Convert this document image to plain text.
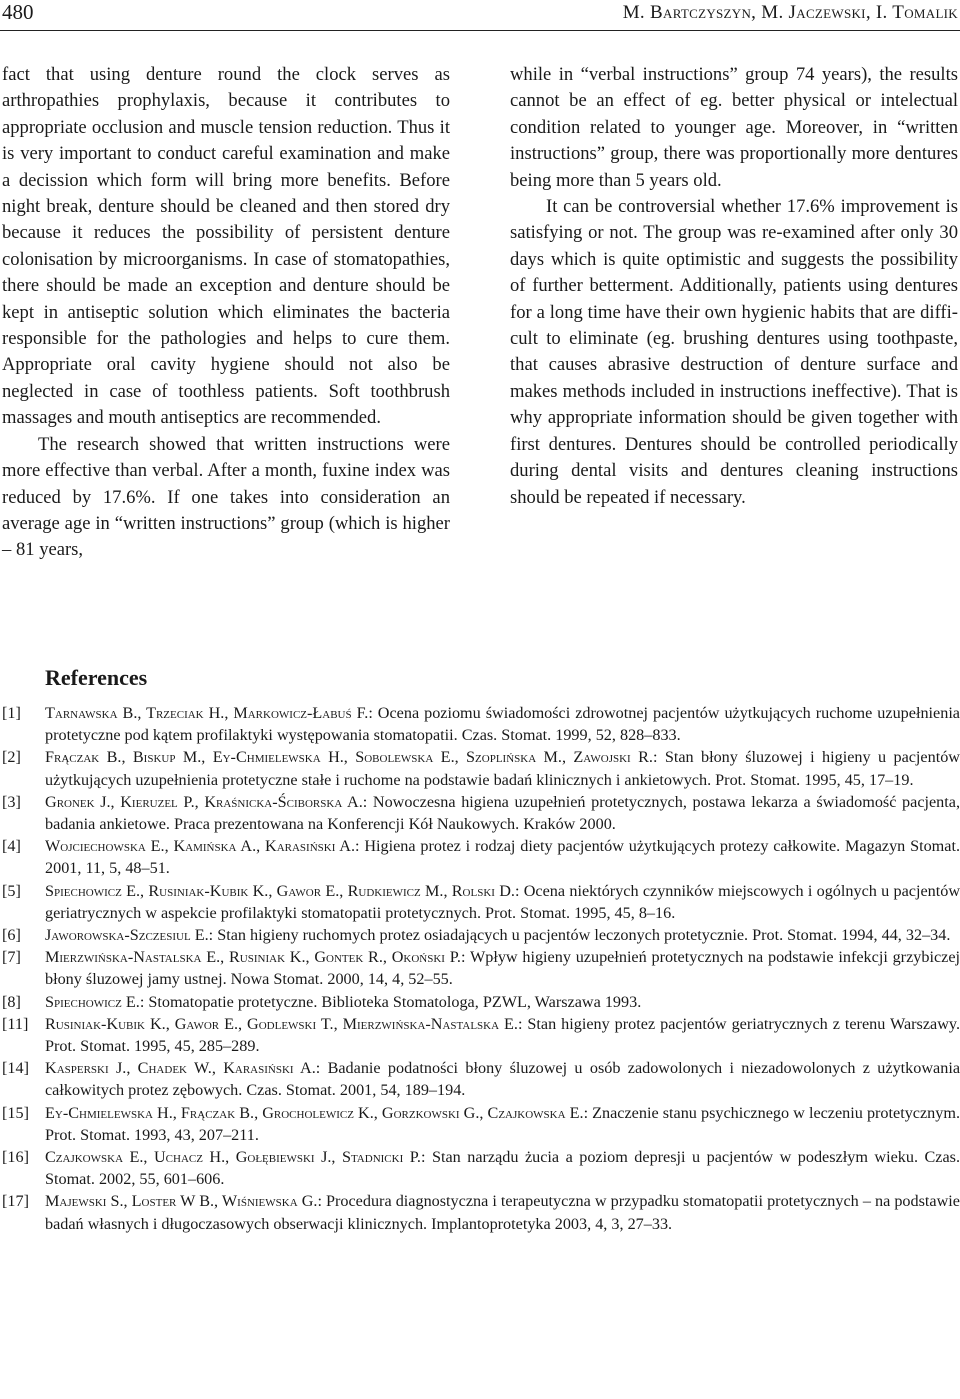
480	M. Bartczyszyn, M. Jaczewski, I. Tomalik

fact that using denture round the clock serves as arthropathies prophylaxis, because it contributes to appropriate occlusion and muscle tension reduction. Thus it is very important to conduct careful examination and make a decission which form will bring more benefits. Before night break, denture should be cleaned and then stored dry because it reduces the possibility of persistent denture colonisation by microorganisms. In case of stomatopathies, there should be made an exception and denture should be kept in antiseptic solution which eliminates the bacteria responsible for the pathologies and helps to cure them. Appropriate oral cavity hygiene should not also be neglected in case of toothless patients. Soft toothbrush massages and mouth antiseptics are recommended.

The research showed that written instructions were more effective than verbal. After a month, fuxine index was reduced by 17.6%. If one takes into consideration an average age in “written instructions” group (which is higher – 81 years,

while in “verbal instructions” group 74 years), the results cannot be an effect of eg. better physical or intelectual condition related to younger age. Moreover, in “written instructions” group, there was proportionally more dentures being more than 5 years old.

It can be controversial whether 17.6% improvement is satisfying or not. The group was re-examined after only 30 days which is quite optimistic and suggests the possibility of further betterment. Additionally, patients using dentures for a long time have their own hygienic habits that are difficult to eliminate (eg. brushing dentures using toothpaste, that causes abrasive destruction of denture surface and makes methods included in instructions ineffective). That is why appropriate information should be given together with first dentures. Dentures should be controlled periodically during dental visits and dentures cleaning instructions should be repeated if necessary.

References
[1] Tarnawska B., Trzeciak H., Markowicz-Łabuś F.: Ocena poziomu świadomości zdrowotnej pacjentów użytkujących ruchome uzupełnienia protetyczne pod kątem profilaktyki występowania stomatopatii. Czas. Stomat. 1999, 52, 828–833.
[2] Frączak B., Biskup M., Ey-Chmielewska H., Sobolewska E., Szoplińska M., Zawojski R.: Stan błony śluzowej i higieny u pacjentów użytkujących uzupełnienia protetyczne stałe i ruchome na podstawie badań klinicznych i ankietowych. Prot. Stomat. 1995, 45, 17–19.
[3] Gronek J., Kieruzel P., Kraśnicka-Ściborska A.: Nowoczesna higiena uzupełnień protetycznych, postawa lekarza a świadomość pacjenta, badania ankietowe. Praca prezentowana na Konferencji Kół Naukowych. Kraków 2000.
[4] Wojciechowska E., Kamińska A., Karasiński A.: Higiena protez i rodzaj diety pacjentów użytkujących protezy całkowite. Magazyn Stomat. 2001, 11, 5, 48–51.
[5] Spiechowicz E., Rusiniak-Kubik K., Gawor E., Rudkiewicz M., Rolski D.: Ocena niektórych czynników miejscowych i ogólnych u pacjentów geriatrycznych w aspekcie profilaktyki stomatopatii protetycznych. Prot. Stomat. 1995, 45, 8–16.
[6] Jaworowska-Szczesiul E.: Stan higieny ruchomych protez osiadających u pacjentów leczonych protetycznie. Prot. Stomat. 1994, 44, 32–34.
[7] Mierzwińska-Nastalska E., Rusiniak K., Gontek R., Okoński P.: Wpływ higieny uzupełnień protetycznych na podstawie infekcji grzybiczej błony śluzowej jamy ustnej. Nowa Stomat. 2000, 14, 4, 52–55.
[8] Spiechowicz E.: Stomatopatie protetyczne. Biblioteka Stomatologa, PZWL, Warszawa 1993.
[11] Rusiniak-Kubik K., Gawor E., Godlewski T., Mierzwińska-Nastalska E.: Stan higieny protez pacjentów geriatrycznych z terenu Warszawy. Prot. Stomat. 1995, 45, 285–289.
[14] Kasperski J., Chadek W., Karasiński A.: Badanie podatności błony śluzowej u osób zadowolonych i niezadowolonych z użytkowania całkowitych protez zębowych. Czas. Stomat. 2001, 54, 189–194.
[15] Ey-Chmielewska H., Frączak B., Grocholewicz K., Gorzkowski G., Czajkowska E.: Znaczenie stanu psychicznego w leczeniu protetycznym. Prot. Stomat. 1993, 43, 207–211.
[16] Czajkowska E., Uchacz H., Gołębiewski J., Stadnicki P.: Stan narządu żucia a poziom depresji u pacjentów w podeszłym wieku. Czas. Stomat. 2002, 55, 601–606.
[17] Majewski S., Loster W B., Wiśniewska G.: Procedura diagnostyczna i terapeutyczna w przypadku stomatopatii protetycznych – na podstawie badań własnych i długoczasowych obserwacji klinicznych. Implantoprotetyka 2003, 4, 3, 27–33.
